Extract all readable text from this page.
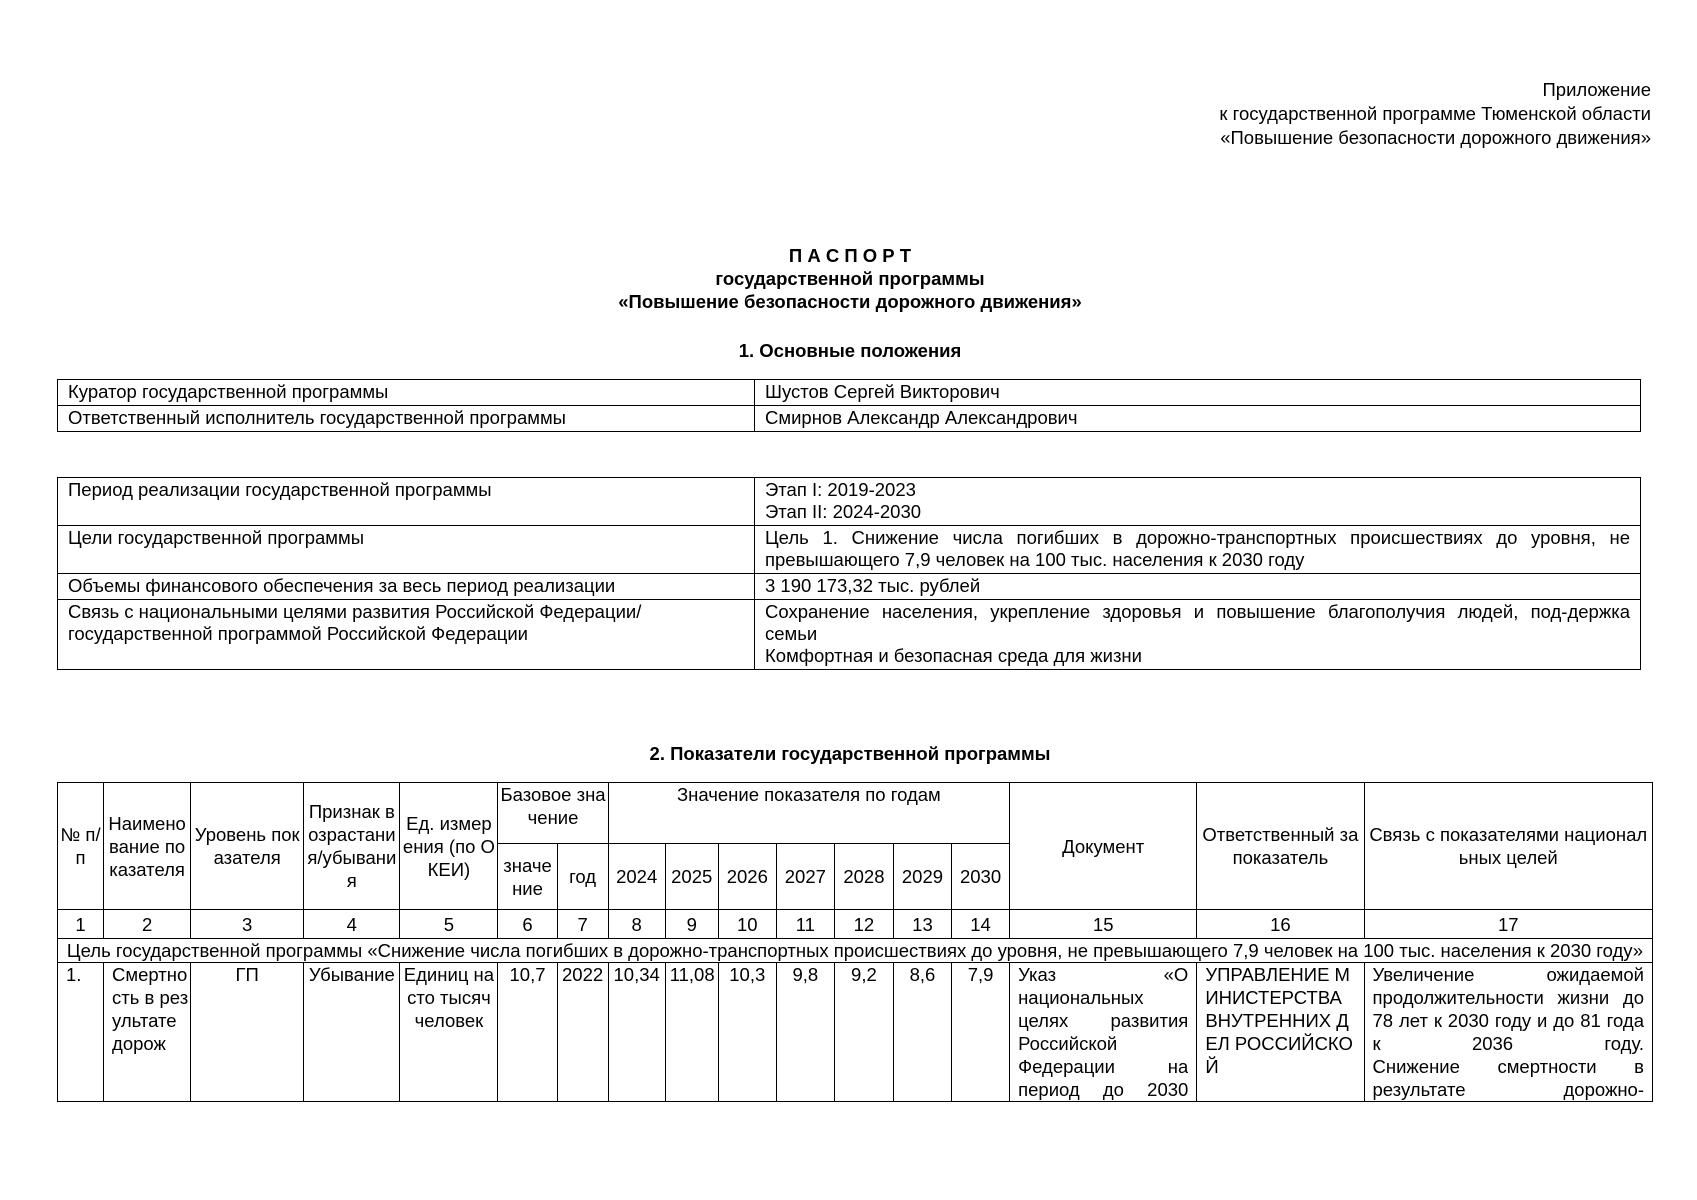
Приложение
к государственной программе Тюменской области
«Повышение безопасности дорожного движения»
П А С П О Р Т
государственной программы
«Повышение безопасности дорожного движения»
1. Основные положения
Куратор государственной программы	Шустов Сергей Викторович
Ответственный исполнитель государственной программы	Смирнов Александр Александрович
Период реализации государственной программы	Этап I: 2019-2023
Этап II: 2024-2030

Цели государственной программы	Цель 1. Снижение числа погибших в дорожно-транспортных происшествиях до уровня, не превышающего 7,9 человек на 100 тыс. населения к 2030 году
Объемы финансового обеспечения за весь период реализации	3 190 173,32 тыс. рублей
Связь с национальными целями развития Российской Федерации/ государственной программой Российской Федерации	Сохранение населения, укрепление здоровья и повышение благополучия людей, под-держка семьи
Комфортная и безопасная среда для жизни
2. Показатели государственной программы
№ п/п	Наименование показателя	Уровень показателя	Признак возрастания/убывания	Ед. измерения (по ОКЕИ)	Базовое значение		Значение показателя по годам							Документ	Ответственный за показатель	Связь с показателями национальных целей
					значение	год	2024	2025	2026	2027	2028	2029	2030			
1	2	3	4	5	6	7	8	9	10	11	12	13	14	15	16	17
Цель государственной программы «Снижение числа погибших в дорожно-транспортных происшествиях до уровня, не превышающего 7,9 человек на 100 тыс. населения к 2030 году»																
1.	Смертность в результате дорож	ГП	Убывание	Единиц на сто тысяч человек	10,7	2022	10,34	11,08	10,3	9,8	9,2	8,6	7,9	Указ «О национальных целях развития Российской Федерации на период до 2030	УПРАВЛЕНИЕ МИНИСТЕРСТВА ВНУТРЕННИХ ДЕЛ РОССИЙСКОЙ	Увеличение ожидаемой продолжительности жизни до 78 лет к 2030 году и до 81 года к 2036 году.
Снижение смертности в результате дорожно-
